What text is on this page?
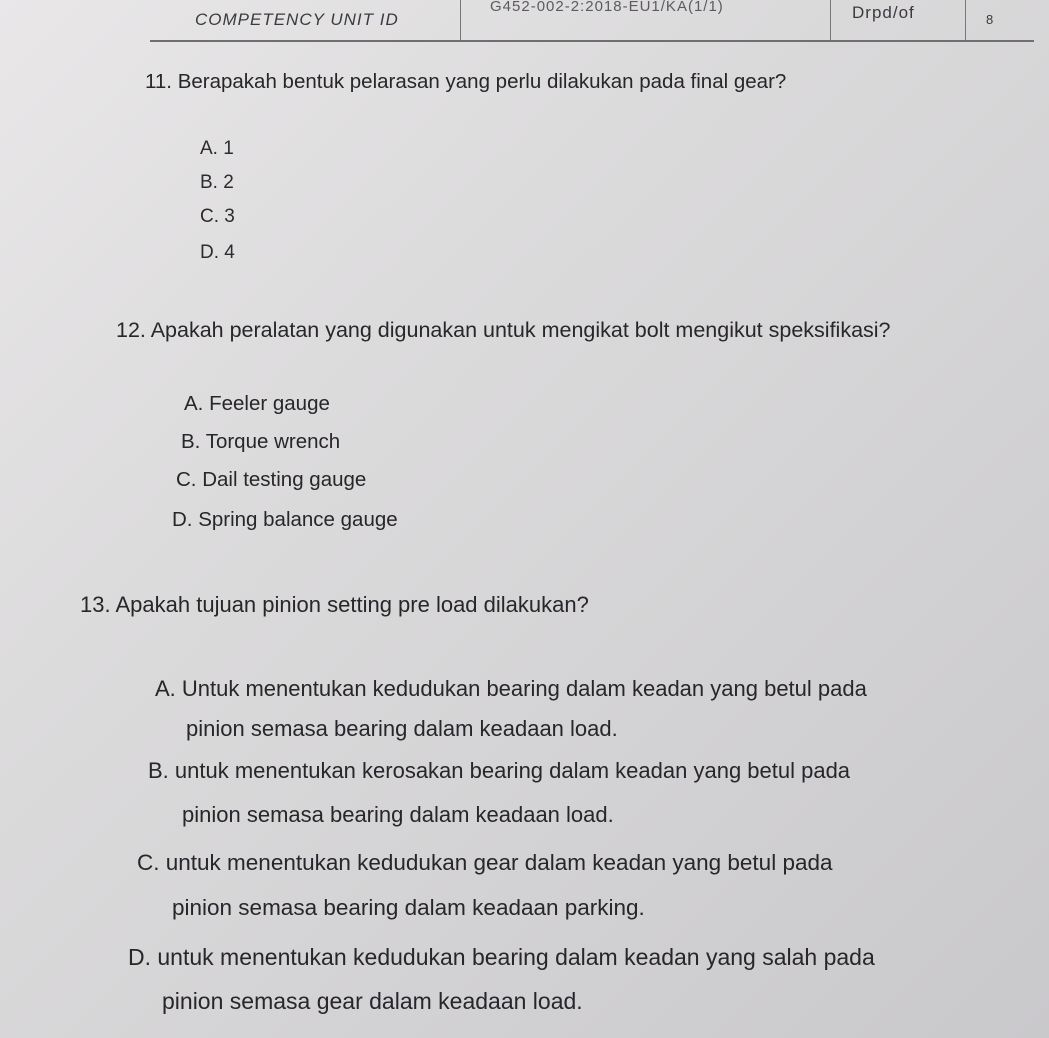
COMPETENCY UNIT ID
G452-002-2:2018-EU1/KA(1/1)	Drpd/of	8
11. Berapakah bentuk pelarasan yang perlu dilakukan pada final gear?
A. 1
B. 2
C. 3
D. 4
12. Apakah peralatan yang digunakan untuk mengikat bolt mengikut speksifikasi?
A. Feeler gauge
B. Torque wrench
C. Dail testing gauge
D. Spring balance gauge
13. Apakah tujuan pinion setting pre load dilakukan?
A. Untuk menentukan kedudukan bearing dalam keadan yang betul pada
pinion semasa bearing dalam keadaan load.
B. untuk menentukan kerosakan bearing dalam keadan yang betul pada
pinion semasa bearing dalam keadaan load.
C. untuk menentukan kedudukan gear dalam keadan yang betul pada
pinion semasa bearing dalam keadaan parking.
D. untuk menentukan kedudukan bearing dalam keadan yang salah pada
pinion semasa gear dalam keadaan load.
